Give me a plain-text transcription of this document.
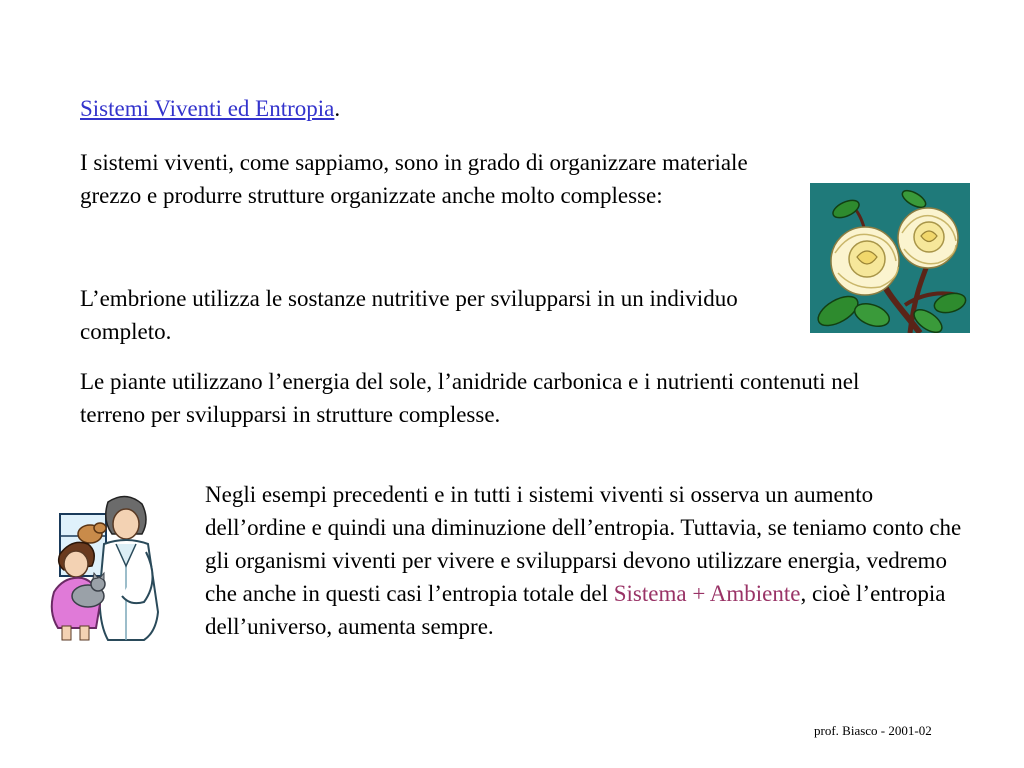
Sistemi Viventi ed Entropia.

I sistemi viventi, come sappiamo, sono in grado di organizzare materiale grezzo e produrre strutture organizzate anche molto complesse:

L’embrione utilizza le sostanze nutritive per svilupparsi in un individuo completo.

Le piante utilizzano l’energia del sole, l’anidride carbonica e i nutrienti contenuti nel terreno per svilupparsi in strutture complesse.

Negli esempi precedenti e in tutti i sistemi viventi si osserva un aumento dell’ordine e quindi una diminuzione dell’entropia. Tuttavia, se teniamo conto che gli organismi viventi per vivere e svilupparsi devono utilizzare energia, vedremo che anche in questi casi l’entropia totale del Sistema + Ambiente, cioè l’entropia dell’universo, aumenta sempre.

prof. Biasco - 2001-02
